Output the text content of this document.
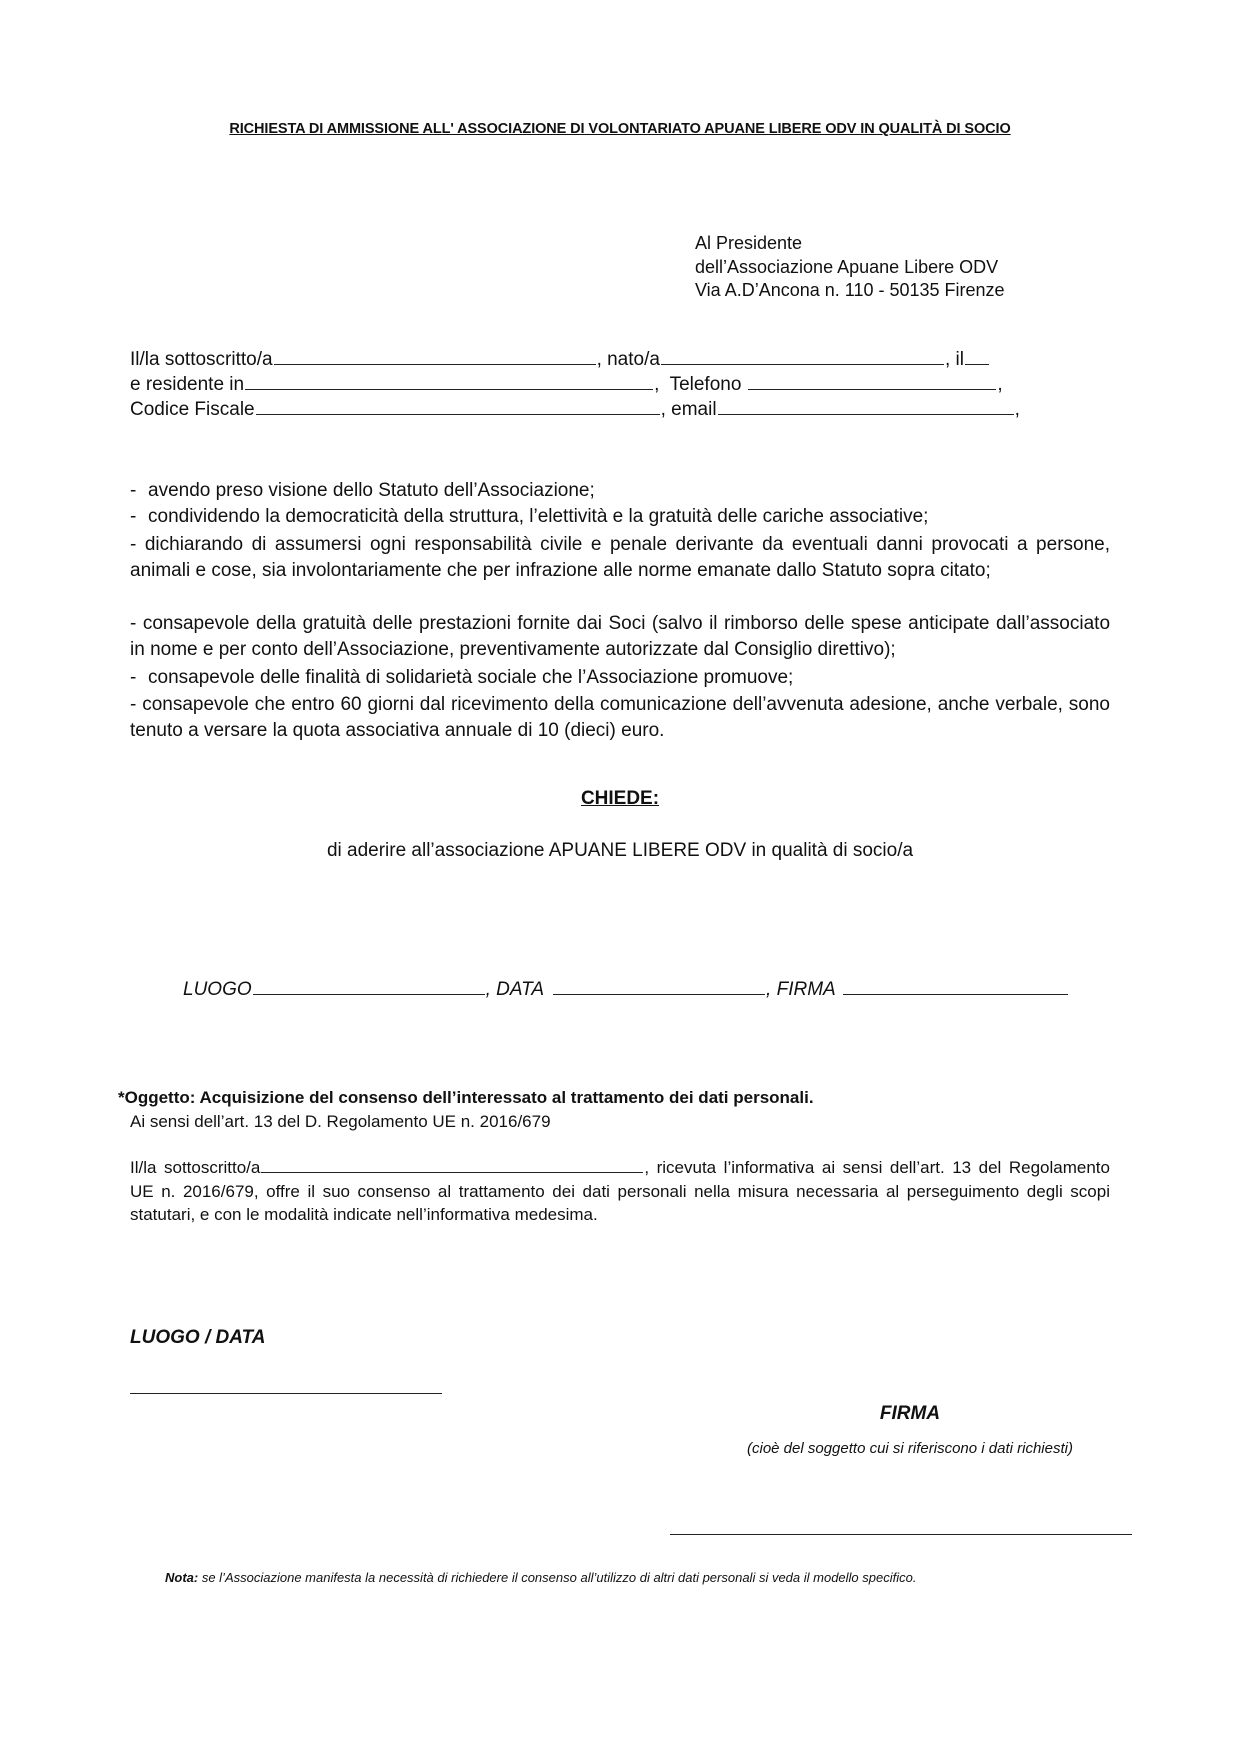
RICHIESTA DI AMMISSIONE ALL' ASSOCIAZIONE DI VOLONTARIATO APUANE LIBERE ODV IN QUALITÀ DI SOCIO
Al Presidente
dell’Associazione Apuane Libere ODV
Via A.D’Ancona n. 110 - 50135 Firenze
Il/la sottoscritto/a	, nato/a	, il
e residente in	,  Telefono	,
Codice Fiscale	, email	,
- avendo preso visione dello Statuto dell’Associazione;
- condividendo la democraticità della struttura, l’elettività e la gratuità delle cariche associative;
- dichiarando di assumersi ogni responsabilità civile e penale derivante da eventuali danni provocati a persone, animali e cose, sia involontariamente che per infrazione alle norme emanate dallo Statuto sopra citato;
- consapevole della gratuità delle prestazioni fornite dai Soci (salvo il rimborso delle spese anticipate dall’associato in nome e per conto dell’Associazione, preventivamente autorizzate dal Consiglio direttivo);
- consapevole delle finalità di solidarietà sociale che l’Associazione promuove;
- consapevole che entro 60 giorni dal ricevimento della comunicazione dell’avvenuta adesione, anche verbale, sono tenuto a versare la quota associativa annuale di 10 (dieci) euro.
CHIEDE:
di aderire all’associazione APUANE LIBERE ODV in qualità di socio/a
LUOGO	, DATA	, FIRMA
*Oggetto: Acquisizione del consenso dell’interessato al trattamento dei dati personali.
Ai sensi dell’art. 13 del D. Regolamento UE n. 2016/679
Il/la sottoscritto/a	, ricevuta l’informativa ai sensi dell’art. 13 del Regolamento UE n. 2016/679, offre il suo consenso al trattamento dei dati personali nella misura necessaria al perseguimento degli scopi statutari, e con le modalità indicate nell’informativa medesima.
LUOGO / DATA
FIRMA
(cioè del soggetto cui si riferiscono i dati richiesti)
Nota: se l’Associazione manifesta la necessità di richiedere il consenso all’utilizzo di altri dati personali si veda il modello specifico.
